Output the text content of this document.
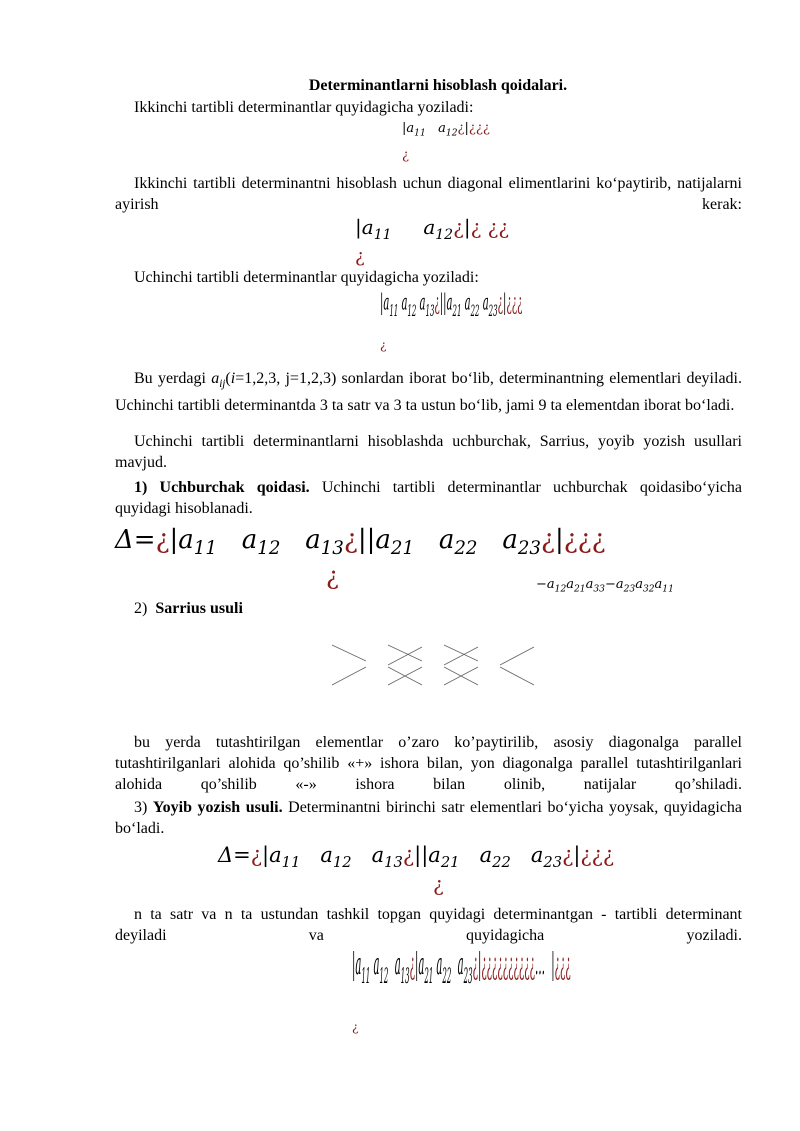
Determinantlarni hisoblash qoidalari.
Ikkinchi tartibli determinantlar quyidagicha yoziladi:
$|a_{11}$ $a_{12}¿|¿¿¿$
¿
Ikkinchi tartibli determinantni hisoblash uchun diagonal elimentlarini ko‘paytirib, natijalarni ayirish kerak:
$|a_{11}$ $a_{12}¿|¿$ ¿¿
¿
Uchinchi tartibli determinantlar quyidagicha yoziladi:
$|a_{11}$ $a_{12}$ $a_{13}¿||a_{21}$ $a_{22}$ $a_{23}¿|¿¿¿$
¿
Bu yerdagi $a_{ij}(i=1,2,3$, j=1,2,3) sonlardan iborat bo‘lib, determinantning elementlari deyiladi. Uchinchi tartibli determinantda 3 ta satr va 3 ta ustun bo‘lib, jami 9 ta elementdan iborat bo‘ladi.
Uchinchi tartibli determinantlarni hisoblashda uchburchak, Sarrius, yoyib yozish usullari mavjud.
1) Uchburchak qoidasi. Uchinchi tartibli determinantlar uchburchak qoidasibo‘yicha quyidagi hisoblanadi.
$\Delta=¿|a_{11}$ $a_{12}$ $a_{13}¿||a_{21}$ $a_{22}$ $a_{23}¿|¿¿¿$
¿	$-a_{12}a_{21}a_{33}-a_{23}a_{32}a_{11}$
2) Sarrius usuli
bu yerda tutashtirilgan elementlar o’zaro ko’paytirilib, asosiy diagonalga parallel tutashtirilganlari alohida qo’shilib «+» ishora bilan, yon diagonalga parallel tutashtirilganlari alohida qo’shilib «-» ishora bilan olinib, natijalar qo’shiladi.
3) Yoyib yozish usuli. Determinantni birinchi satr elementlari bo‘yicha yoysak, quyidagicha bo‘ladi.
$\Delta=¿|a_{11}$ $a_{12}$ $a_{13}¿||a_{21}$ $a_{22}$ $a_{23}¿|¿¿¿$
¿
n ta satr va n ta ustundan tashkil topgan quyidagi determinantgan - tartibli determinant deyiladi va quyidagicha yoziladi.
$|a_{11}$ $a_{12}$ $a_{13}¿|a_{21}$ $a_{22}$ $a_{23}¿|¿¿¿¿¿¿¿¿¿¿\dots$ |¿¿¿
¿
